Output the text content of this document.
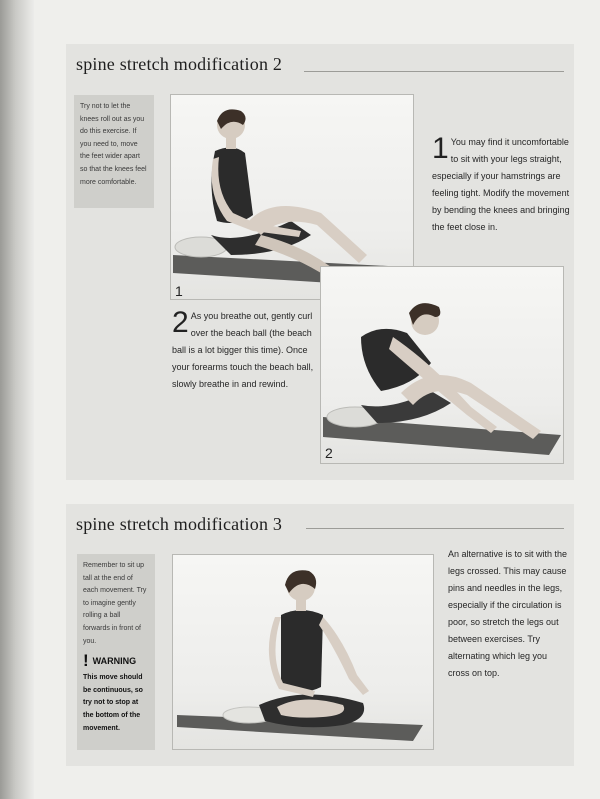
spine stretch modification 2
Try not to let the knees roll out as you do this exercise. If you need to, move the feet wider apart so that the knees feel more comfortable.
1
1 You may find it uncomfortable to sit with your legs straight, especially if your hamstrings are feeling tight. Modify the movement by bending the knees and bringing the feet close in.
2
2 As you breathe out, gently curl over the beach ball (the beach ball is a lot bigger this time). Once your forearms touch the beach ball, slowly breathe in and rewind.
spine stretch modification 3
Remember to sit up tall at the end of each movement. Try to imagine gently rolling a ball forwards in front of you.
! WARNING
This move should be continuous, so try not to stop at the bottom of the movement.
An alternative is to sit with the legs crossed. This may cause pins and needles in the legs, especially if the circulation is poor, so stretch the legs out between exercises. Try alternating which leg you cross on top.
